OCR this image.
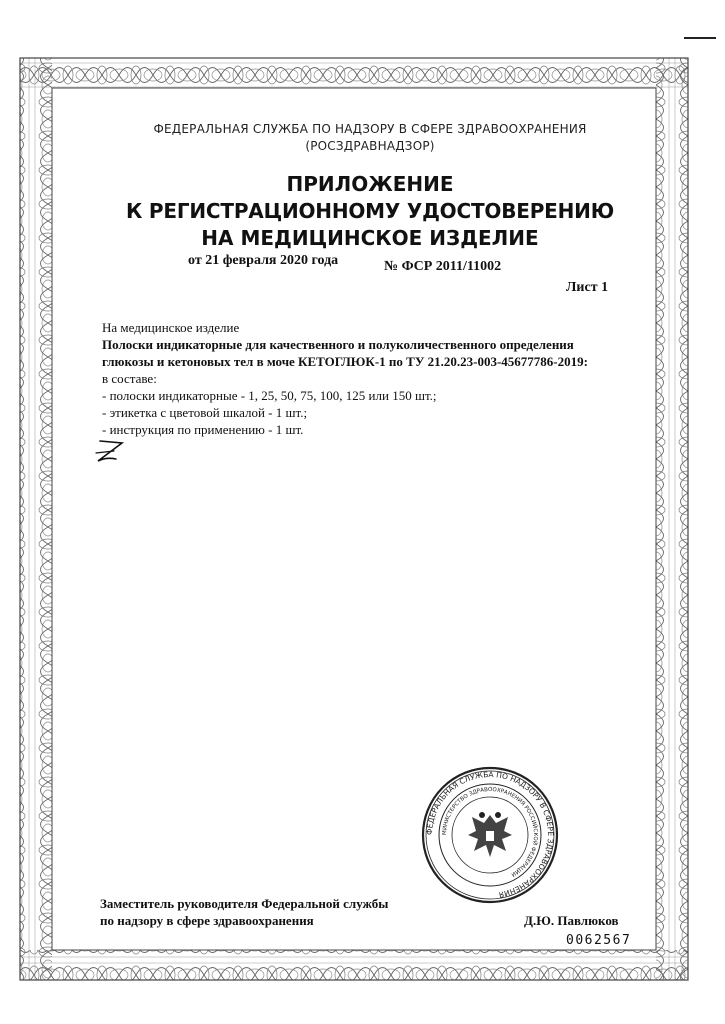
ФЕДЕРАЛЬНАЯ СЛУЖБА ПО НАДЗОРУ В СФЕРЕ ЗДРАВООХРАНЕНИЯ
(РОСЗДРАВНАДЗОР)
ПРИЛОЖЕНИЕ
К РЕГИСТРАЦИОННОМУ УДОСТОВЕРЕНИЮ
НА МЕДИЦИНСКОЕ ИЗДЕЛИЕ
от 21 февраля 2020 года	№ ФСР 2011/11002
Лист 1
На медицинское изделие
Полоски индикаторные для качественного и полуколичественного определения
глюкозы и кетоновых тел в моче КЕТОГЛЮК-1 по ТУ 21.20.23-003-45677786-2019:
в составе:
- полоски индикаторные - 1, 25, 50, 75, 100, 125 или 150 шт.;
- этикетка с цветовой шкалой - 1 шт.;
- инструкция по применению - 1 шт.
ФЕДЕРАЛЬНАЯ СЛУЖБА ПО НАДЗОРУ В СФЕРЕ ЗДРАВООХРАНЕНИЯ
МИНИСТЕРСТВО ЗДРАВООХРАНЕНИЯ РОССИЙСКОЙ ФЕДЕРАЦИИ
Заместитель руководителя Федеральной службы
по надзору в сфере здравоохранения	Д.Ю. Павлюков
0062567
